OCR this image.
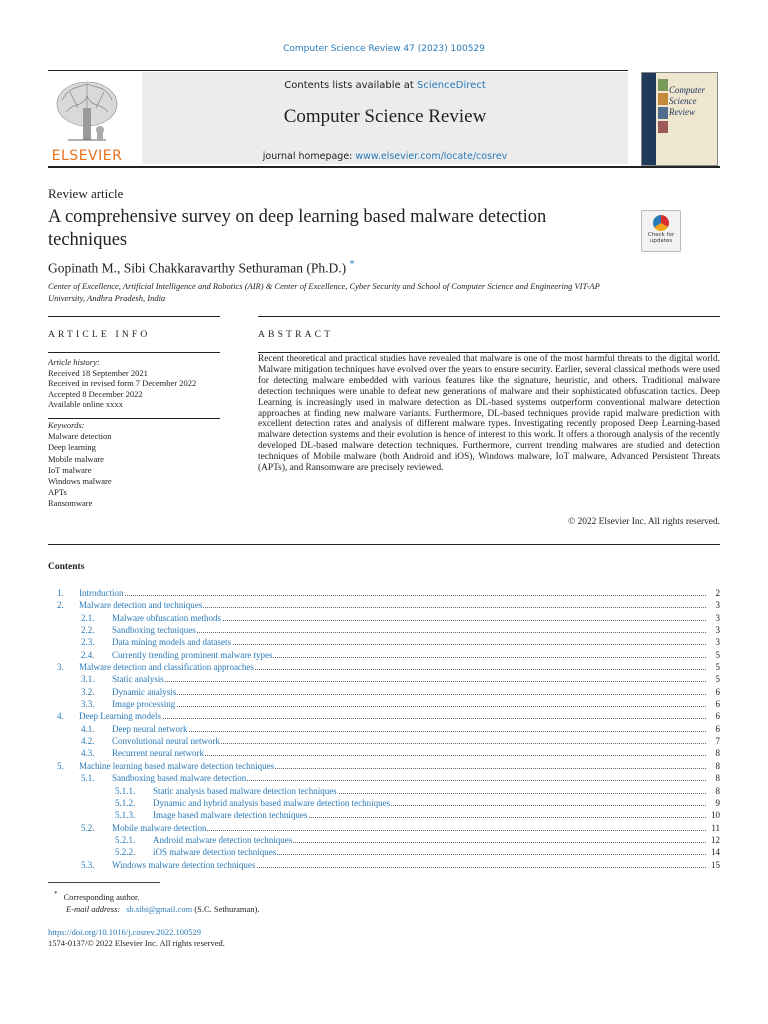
Computer Science Review 47 (2023) 100529
ELSEVIER
Contents lists available at ScienceDirect
Computer Science Review
journal homepage: www.elsevier.com/locate/cosrev
Computer
Science
Review
Review article
A comprehensive survey on deep learning based malware detection techniques	Check for updates
Gopinath M., Sibi Chakkaravarthy Sethuraman (Ph.D.) *
Center of Excellence, Artificial Intelligence and Robotics (AIR) & Center of Excellence, Cyber Security and School of Computer Science and Engineering VIT-AP University, Andhra Pradesh, India
ARTICLE INFO	ABSTRACT
Article history:
Received 18 September 2021
Received in revised form 7 December 2022
Accepted 8 December 2022
Available online xxxx
Keywords:
Malware detection
Deep learning
Mobile malware
IoT malware
Windows malware
APTs
Ransomware
Recent theoretical and practical studies have revealed that malware is one of the most harmful threats to the digital world. Malware mitigation techniques have evolved over the years to ensure security. Earlier, several classical methods were used for detecting malware embedded with various features like the signature, heuristic, and others. Traditional malware detection techniques were unable to defeat new generations of malware and their sophisticated obfuscation tactics. Deep Learning is increasingly used in malware detection as DL-based systems outperform conventional malware detection approaches at finding new malware variants. Furthermore, DL-based techniques provide rapid malware prediction with excellent detection rates and analysis of different malware types. Investigating recently proposed Deep Learning-based malware detection systems and their evolution is hence of interest to this work. It offers a thorough analysis of the recently developed DL-based malware detection techniques. Furthermore, current trending malwares are studied and detection techniques of Mobile malware (both Android and iOS), Windows malware, IoT malware, Advanced Persistent Threats (APTs), and Ransomware are precisely reviewed.
© 2022 Elsevier Inc. All rights reserved.
Contents
1. Introduction	2
2. Malware detection and techniques	3
2.1. Malware obfuscation methods	3
2.2. Sandboxing techniques	3
2.3. Data mining models and datasets	3
2.4. Currently trending prominent malware types	5
3. Malware detection and classification approaches	5
3.1. Static analysis	5
3.2. Dynamic analysis	6
3.3. Image processing	6
4. Deep Learning models	6
4.1. Deep neural network	6
4.2. Convolutional neural network	7
4.3. Recurrent neural network	8
5. Machine learning based malware detection techniques	8
5.1. Sandboxing based malware detection	8
5.1.1. Static analysis based malware detection techniques	8
5.1.2. Dynamic and hybrid analysis based malware detection techniques	9
5.1.3. Image based malware detection techniques	10
5.2. Mobile malware detection	11
5.2.1. Android malware detection techniques	12
5.2.2. iOS malware detection techniques	14
5.3. Windows malware detection techniques	15
* Corresponding author.
E-mail address: sb.sibi@gmail.com (S.C. Sethuraman).
https://doi.org/10.1016/j.cosrev.2022.100529
1574-0137/© 2022 Elsevier Inc. All rights reserved.
